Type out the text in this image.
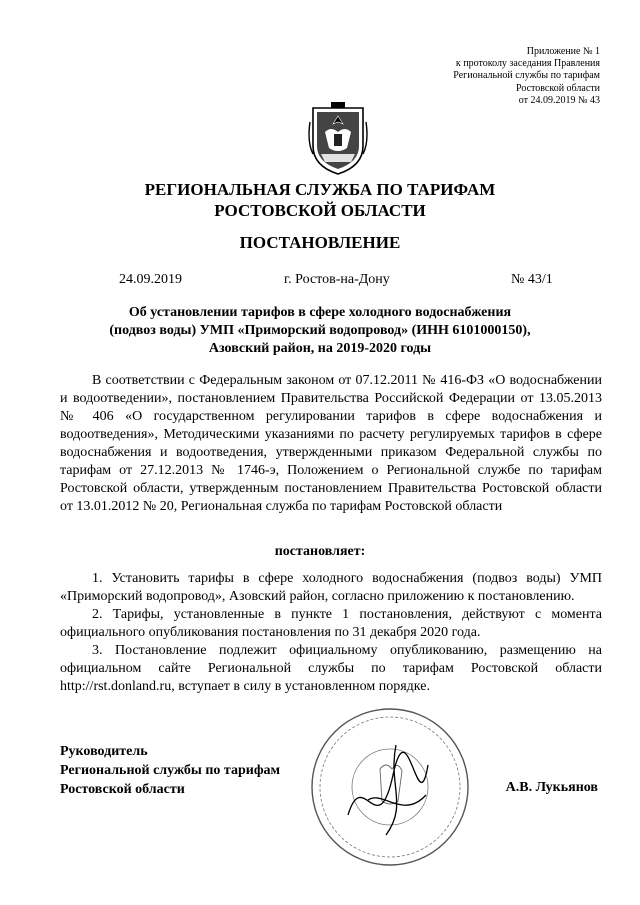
Приложение № 1
к протоколу заседания Правления
Региональной службы по тарифам
Ростовской области
от 24.09.2019 № 43
РЕГИОНАЛЬНАЯ СЛУЖБА ПО ТАРИФАМ
РОСТОВСКОЙ ОБЛАСТИ
ПОСТАНОВЛЕНИЕ
24.09.2019	г. Ростов-на-Дону	№ 43/1
Об установлении тарифов в сфере холодного водоснабжения
(подвоз воды) УМП «Приморский водопровод» (ИНН 6101000150),
Азовский район, на 2019-2020 годы

В соответствии с Федеральным законом от 07.12.2011 № 416-ФЗ «О водоснабжении и водоотведении», постановлением Правительства Российской Федерации от 13.05.2013 № 406 «О государственном регулировании тарифов в сфере водоснабжения и водоотведения», Методическими указаниями по расчету регулируемых тарифов в сфере водоснабжения и водоотведения, утвержденными приказом Федеральной службы по тарифам от 27.12.2013 № 1746-э, Положением о Региональной службе по тарифам Ростовской области, утвержденным постановлением Правительства Ростовской области от 13.01.2012 № 20, Региональная служба по тарифам Ростовской области

постановляет:

1. Установить тарифы в сфере холодного водоснабжения (подвоз воды) УМП «Приморский водопровод», Азовский район, согласно приложению к постановлению.

2. Тарифы, установленные в пункте 1 постановления, действуют с момента официального опубликования постановления по 31 декабря 2020 года.

3. Постановление подлежит официальному опубликованию, размещению на официальном сайте Региональной службы по тарифам Ростовской области http://rst.donland.ru, вступает в силу в установленном порядке.

Руководитель
Региональной службы по тарифам
Ростовской области	А.В. Лукьянов
